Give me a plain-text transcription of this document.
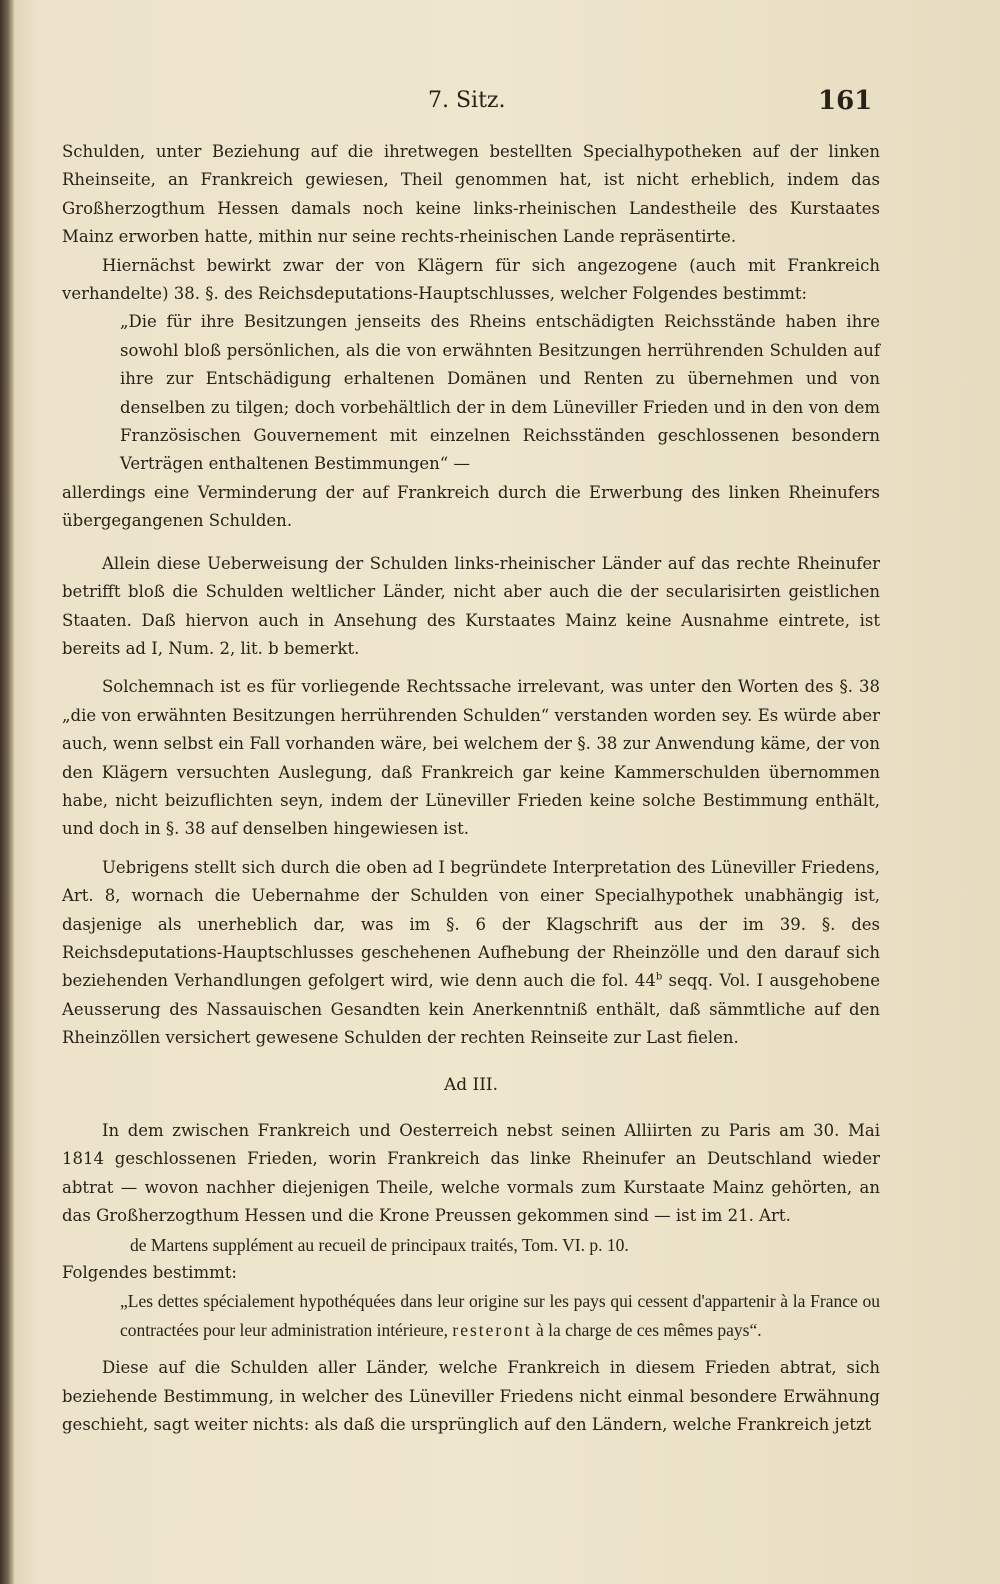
7. Sitz.	161

Schulden, unter Beziehung auf die ihretwegen bestellten Specialhypotheken auf der linken Rheinseite, an Frankreich gewiesen, Theil genommen hat, ist nicht erheblich, indem das Großherzogthum Hessen damals noch keine links-rheinischen Landestheile des Kurstaates Mainz erworben hatte, mithin nur seine rechts-rheinischen Lande repräsentirte.

Hiernächst bewirkt zwar der von Klägern für sich angezogene (auch mit Frankreich verhandelte) 38. §. des Reichsdeputations-Hauptschlusses, welcher Folgendes bestimmt:

„Die für ihre Besitzungen jenseits des Rheins entschädigten Reichsstände haben ihre sowohl bloß persönlichen, als die von erwähnten Besitzungen herrührenden Schulden auf ihre zur Entschädigung erhaltenen Domänen und Renten zu übernehmen und von denselben zu tilgen; doch vorbehältlich der in dem Lüneviller Frieden und in den von dem Französischen Gouvernement mit einzelnen Reichsständen geschlossenen besondern Verträgen enthaltenen Bestimmungen“ —

allerdings eine Verminderung der auf Frankreich durch die Erwerbung des linken Rheinufers übergegangenen Schulden.

Allein diese Ueberweisung der Schulden links-rheinischer Länder auf das rechte Rheinufer betrifft bloß die Schulden weltlicher Länder, nicht aber auch die der secularisirten geistlichen Staaten. Daß hiervon auch in Ansehung des Kurstaates Mainz keine Ausnahme eintrete, ist bereits ad I, Num. 2, lit. b bemerkt.

Solchemnach ist es für vorliegende Rechtssache irrelevant, was unter den Worten des §. 38 „die von erwähnten Besitzungen herrührenden Schulden“ verstanden worden sey. Es würde aber auch, wenn selbst ein Fall vorhanden wäre, bei welchem der §. 38 zur Anwendung käme, der von den Klägern versuchten Auslegung, daß Frankreich gar keine Kammerschulden übernommen habe, nicht beizuflichten seyn, indem der Lüneviller Frieden keine solche Bestimmung enthält, und doch in §. 38 auf denselben hingewiesen ist.

Uebrigens stellt sich durch die oben ad I begründete Interpretation des Lüneviller Friedens, Art. 8, wornach die Uebernahme der Schulden von einer Specialhypothek unabhängig ist, dasjenige als unerheblich dar, was im §. 6 der Klagschrift aus der im 39. §. des Reichsdeputations-Hauptschlusses geschehenen Aufhebung der Rheinzölle und den darauf sich beziehenden Verhandlungen gefolgert wird, wie denn auch die fol. 44$^b$ seqq. Vol. I ausgehobene Aeusserung des Nassauischen Gesandten kein Anerkenntniß enthält, daß sämmtliche auf den Rheinzöllen versichert gewesene Schulden der rechten Reinseite zur Last fielen.

Ad III.

In dem zwischen Frankreich und Oesterreich nebst seinen Alliirten zu Paris am 30. Mai 1814 geschlossenen Frieden, worin Frankreich das linke Rheinufer an Deutschland wieder abtrat — wovon nachher diejenigen Theile, welche vormals zum Kurstaate Mainz gehörten, an das Großherzogthum Hessen und die Krone Preussen gekommen sind — ist im 21. Art.

de Martens supplément au recueil de principaux traités, Tom. VI. p. 10.

Folgendes bestimmt:

„Les dettes spécialement hypothéquées dans leur origine sur les pays qui cessent d'appartenir à la France ou contractées pour leur administration intérieure, resteront à la charge de ces mêmes pays“.

Diese auf die Schulden aller Länder, welche Frankreich in diesem Frieden abtrat, sich beziehende Bestimmung, in welcher des Lüneviller Friedens nicht einmal besondere Erwähnung geschieht, sagt weiter nichts: als daß die ursprünglich auf den Ländern, welche Frankreich jetzt
